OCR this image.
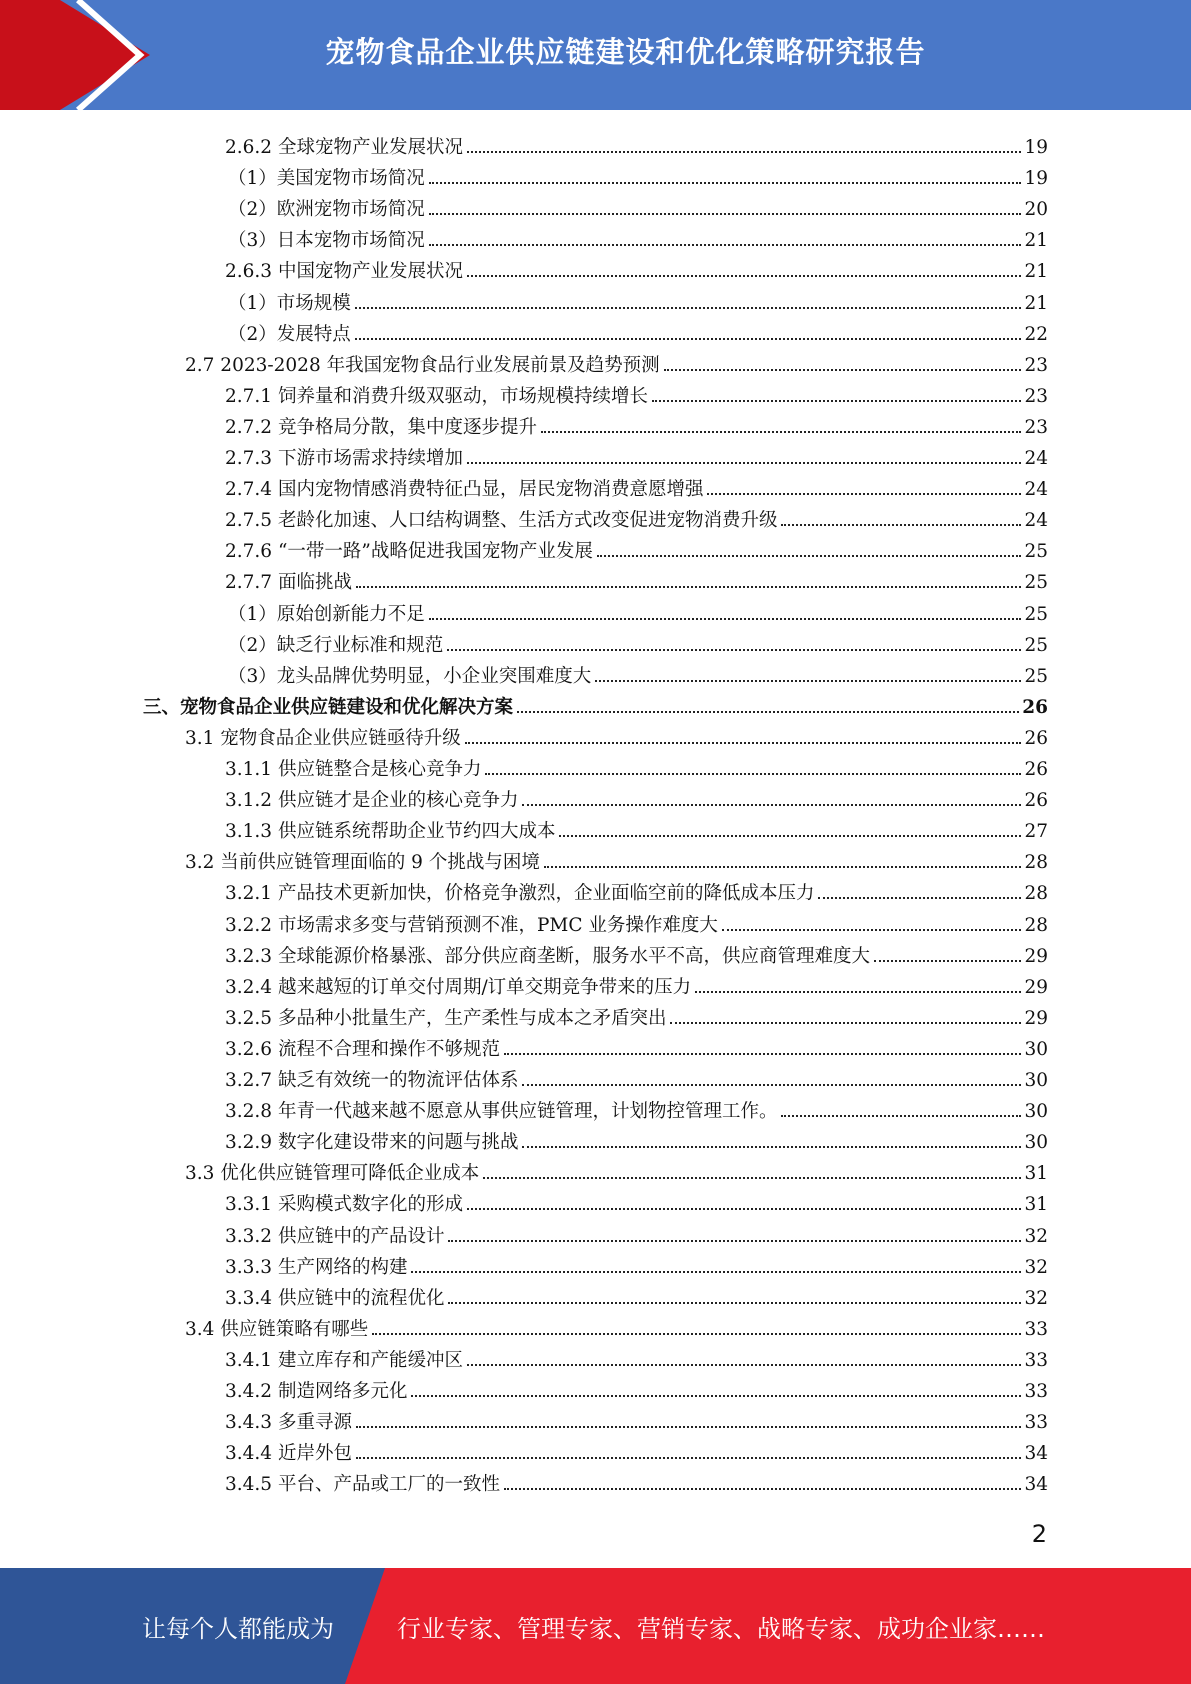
宠物食品企业供应链建设和优化策略研究报告
2.6.2 全球宠物产业发展状况	19
（1）美国宠物市场简况	19
（2）欧洲宠物市场简况	20
（3）日本宠物市场简况	21
2.6.3 中国宠物产业发展状况	21
（1）市场规模	21
（2）发展特点	22
2.7 2023-2028 年我国宠物食品行业发展前景及趋势预测	23
2.7.1 饲养量和消费升级双驱动，市场规模持续增长	23
2.7.2 竞争格局分散，集中度逐步提升	23
2.7.3 下游市场需求持续增加	24
2.7.4 国内宠物情感消费特征凸显，居民宠物消费意愿增强	24
2.7.5 老龄化加速、人口结构调整、生活方式改变促进宠物消费升级	24
2.7.6 “一带一路”战略促进我国宠物产业发展	25
2.7.7 面临挑战	25
（1）原始创新能力不足	25
（2）缺乏行业标准和规范	25
（3）龙头品牌优势明显，小企业突围难度大	25
三、宠物食品企业供应链建设和优化解决方案	26
3.1 宠物食品企业供应链亟待升级	26
3.1.1 供应链整合是核心竞争力	26
3.1.2 供应链才是企业的核心竞争力	26
3.1.3 供应链系统帮助企业节约四大成本	27
3.2 当前供应链管理面临的 9 个挑战与困境	28
3.2.1 产品技术更新加快，价格竞争激烈，企业面临空前的降低成本压力	28
3.2.2 市场需求多变与营销预测不准，PMC 业务操作难度大	28
3.2.3 全球能源价格暴涨、部分供应商垄断，服务水平不高，供应商管理难度大	29
3.2.4 越来越短的订单交付周期/订单交期竞争带来的压力	29
3.2.5 多品种小批量生产，生产柔性与成本之矛盾突出	29
3.2.6 流程不合理和操作不够规范	30
3.2.7 缺乏有效统一的物流评估体系	30
3.2.8 年青一代越来越不愿意从事供应链管理，计划物控管理工作。	30
3.2.9 数字化建设带来的问题与挑战	30
3.3 优化供应链管理可降低企业成本	31
3.3.1 采购模式数字化的形成	31
3.3.2 供应链中的产品设计	32
3.3.3 生产网络的构建	32
3.3.4 供应链中的流程优化	32
3.4 供应链策略有哪些	33
3.4.1 建立库存和产能缓冲区	33
3.4.2 制造网络多元化	33
3.4.3 多重寻源	33
3.4.4 近岸外包	34
3.4.5 平台、产品或工厂的一致性	34
2
让每个人都能成为	行业专家、管理专家、营销专家、战略专家、成功企业家……
